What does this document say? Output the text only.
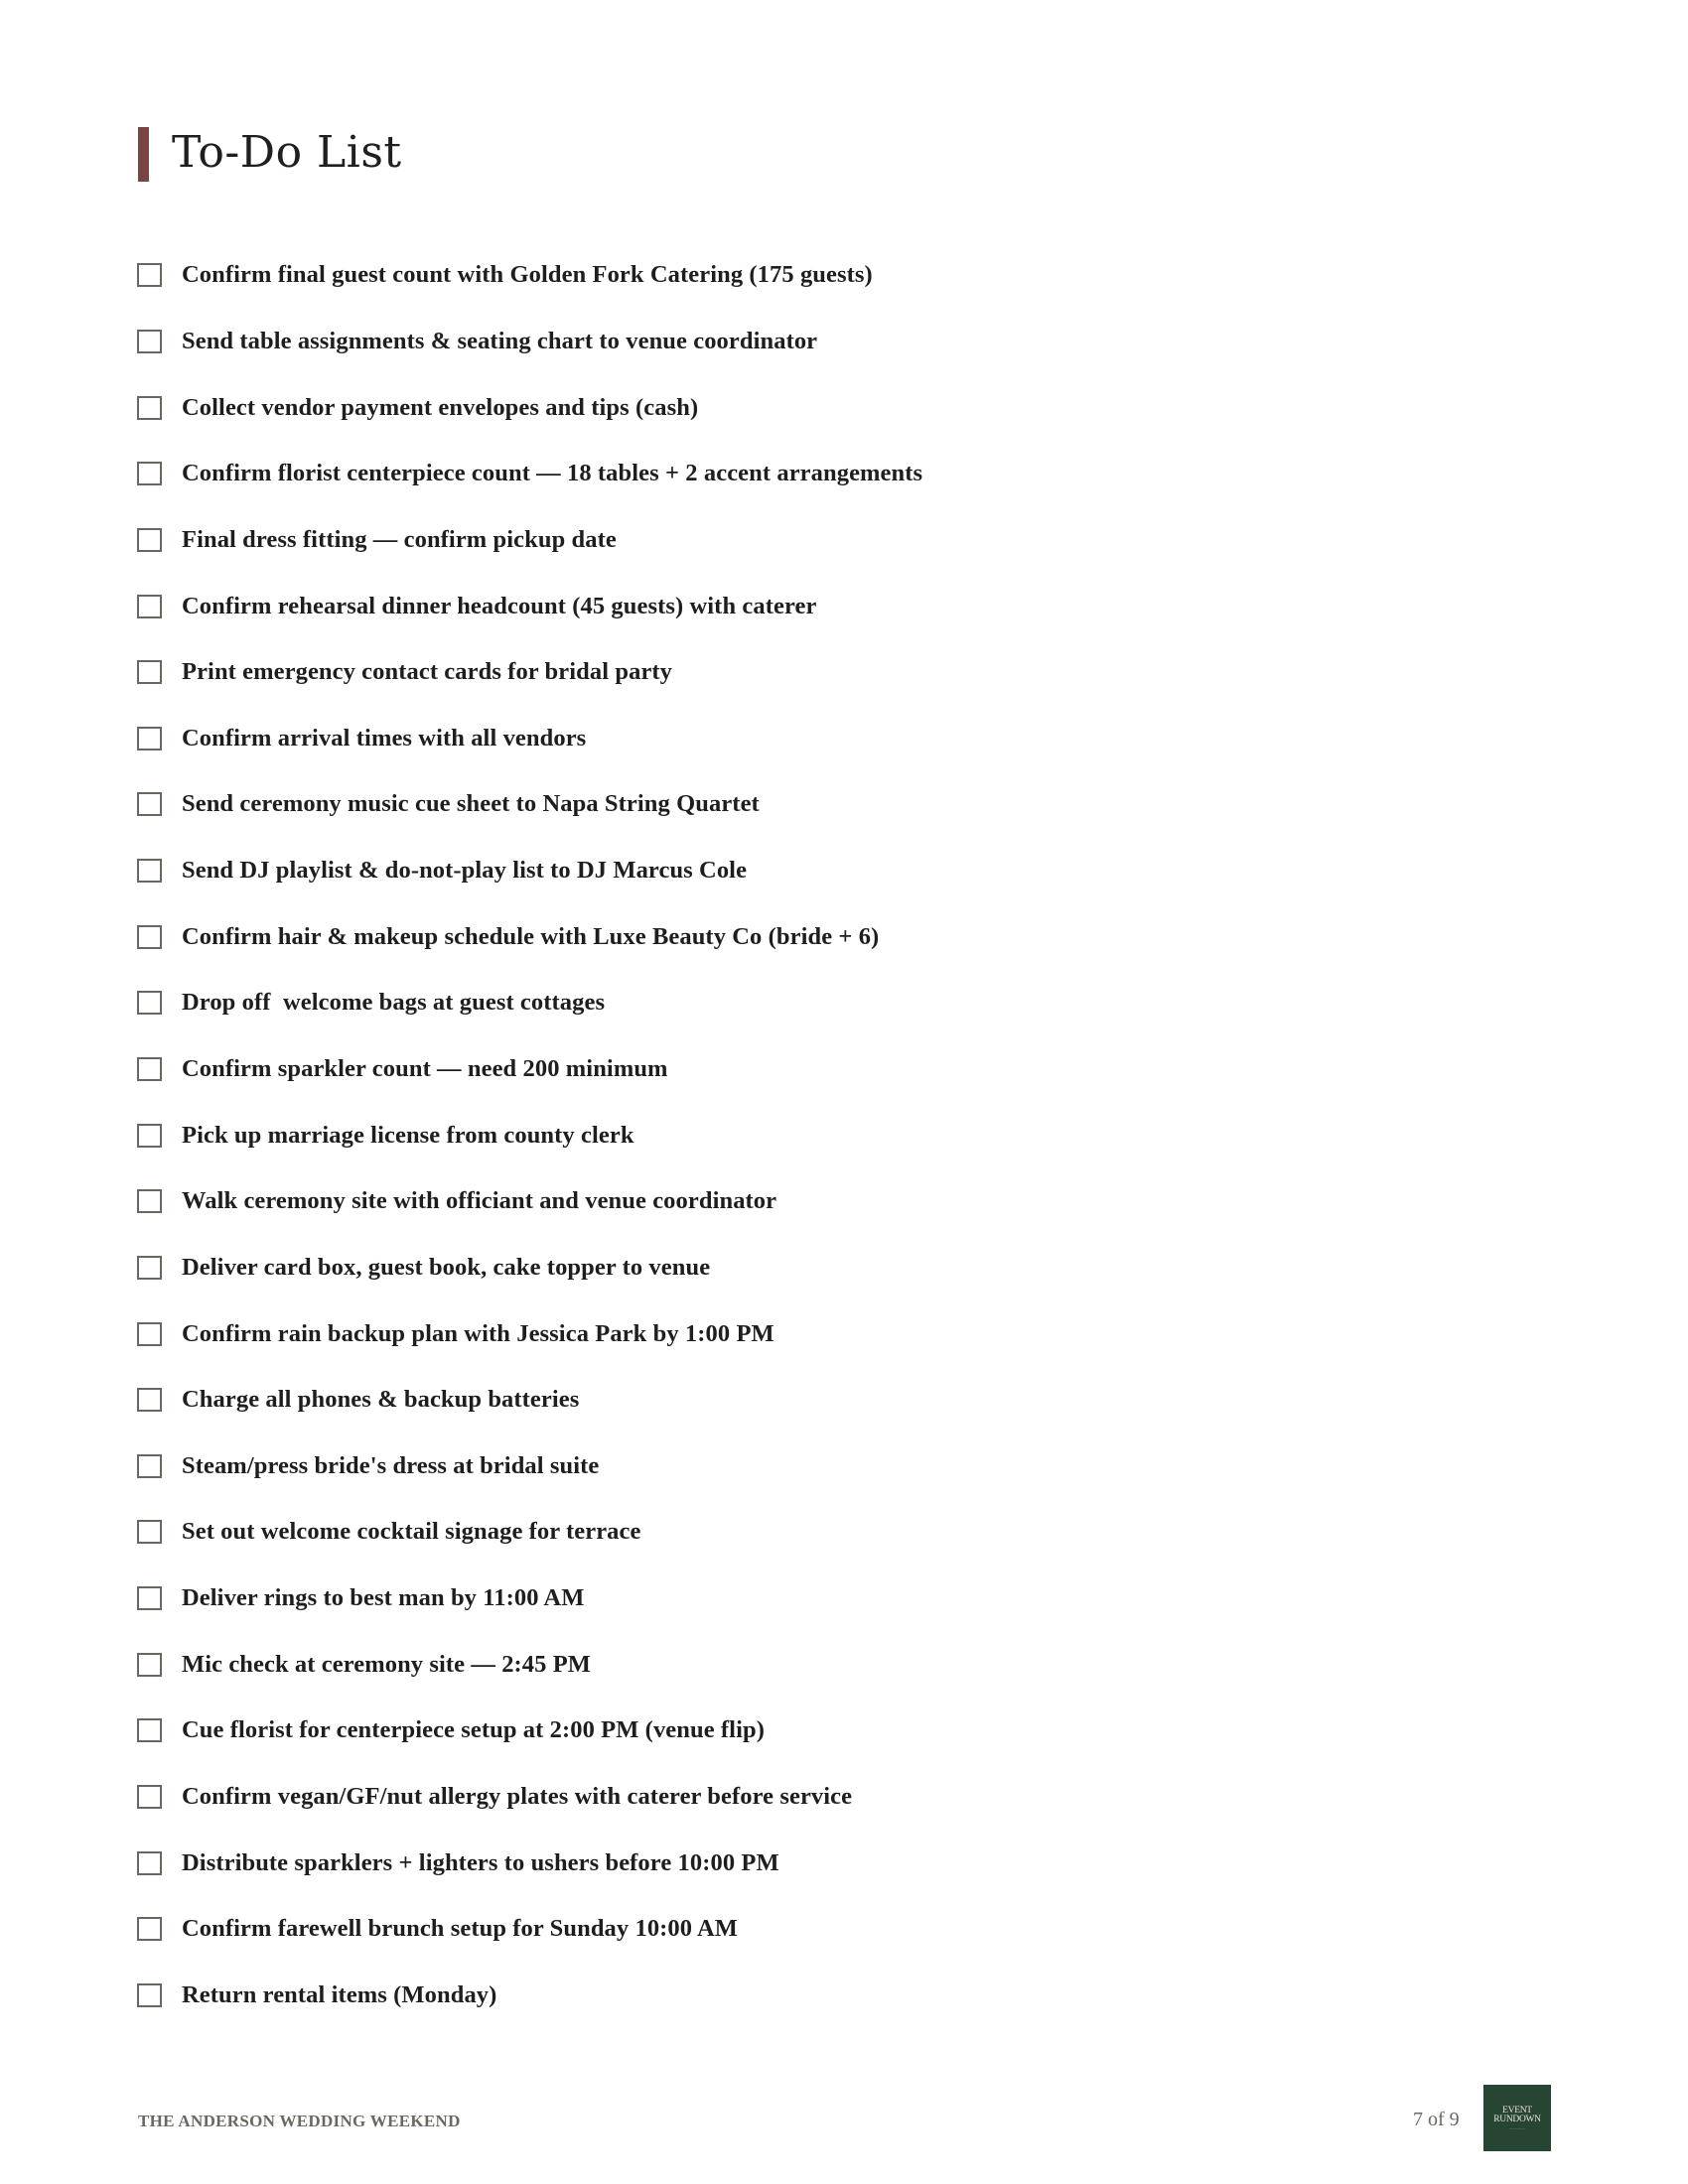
To-Do List
Confirm final guest count with Golden Fork Catering (175 guests)
Send table assignments & seating chart to venue coordinator
Collect vendor payment envelopes and tips (cash)
Confirm florist centerpiece count — 18 tables + 2 accent arrangements
Final dress fitting — confirm pickup date
Confirm rehearsal dinner headcount (45 guests) with caterer
Print emergency contact cards for bridal party
Confirm arrival times with all vendors
Send ceremony music cue sheet to Napa String Quartet
Send DJ playlist & do-not-play list to DJ Marcus Cole
Confirm hair & makeup schedule with Luxe Beauty Co (bride + 6)
Drop off  welcome bags at guest cottages
Confirm sparkler count — need 200 minimum
Pick up marriage license from county clerk
Walk ceremony site with officiant and venue coordinator
Deliver card box, guest book, cake topper to venue
Confirm rain backup plan with Jessica Park by 1:00 PM
Charge all phones & backup batteries
Steam/press bride's dress at bridal suite
Set out welcome cocktail signage for terrace
Deliver rings to best man by 11:00 AM
Mic check at ceremony site — 2:45 PM
Cue florist for centerpiece setup at 2:00 PM (venue flip)
Confirm vegan/GF/nut allergy plates with caterer before service
Distribute sparklers + lighters to ushers before 10:00 PM
Confirm farewell brunch setup for Sunday 10:00 AM
Return rental items (Monday)
THE ANDERSON WEDDING WEEKEND	7 of 9	EVENT
RUNDOWN
—————
